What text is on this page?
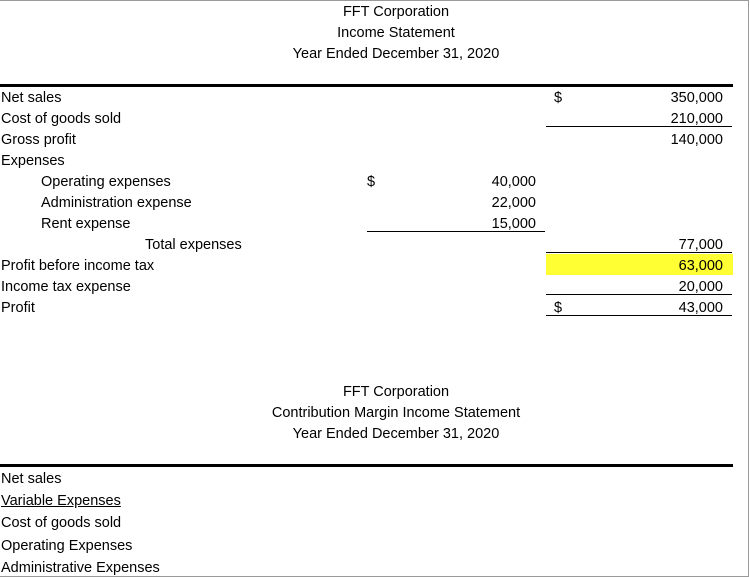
FFT Corporation
Income Statement
Year Ended December 31, 2020
Net sales	$	350,000
Cost of goods sold	210,000
Gross profit	140,000
Expenses
Operating expenses	$	40,000
Administration expense	22,000
Rent expense	15,000
Total expenses	77,000
Profit before income tax	63,000
Income tax expense	20,000
Profit	$	43,000
FFT Corporation
Contribution Margin Income Statement
Year Ended December 31, 2020
Net sales
Variable Expenses
Cost of goods sold
Operating Expenses
Administrative Expenses
